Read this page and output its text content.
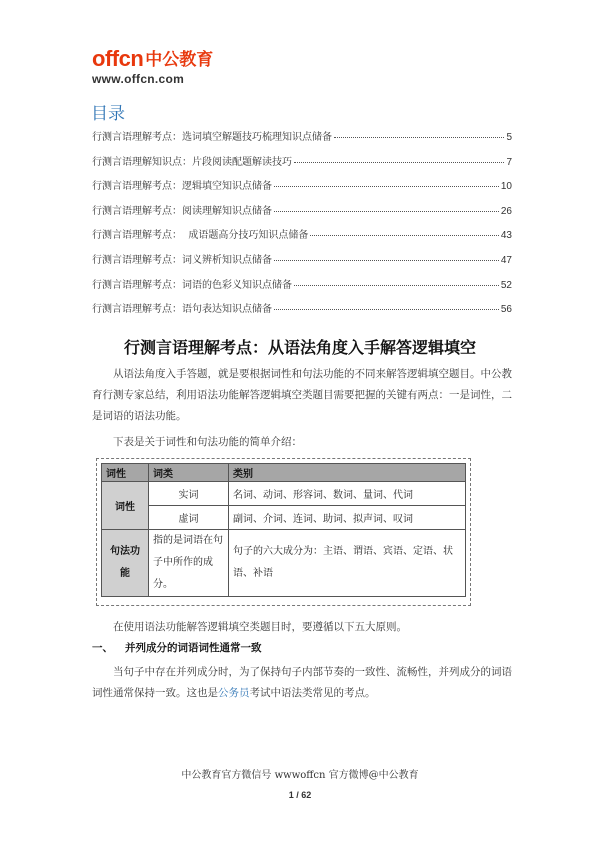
offcn 中公教育
www.offcn.com
目录
行测言语理解考点：选词填空解题技巧梳理知识点储备	5
行测言语理解知识点：片段阅读配题解读技巧	7
行测言语理解考点：逻辑填空知识点储备	10
行测言语理解考点：阅读理解知识点储备	26
行测言语理解考点：  成语题高分技巧知识点储备	43
行测言语理解考点：词义辨析知识点储备	47
行测言语理解考点：词语的色彩义知识点储备	52
行测言语理解考点：语句表达知识点储备	56
行测言语理解考点：从语法角度入手解答逻辑填空
从语法角度入手答题，就是要根据词性和句法功能的不同来解答逻辑填空题目。中公教育行测专家总结，利用语法功能解答逻辑填空类题目需要把握的关键有两点：一是词性，二是词语的语法功能。
下表是关于词性和句法功能的简单介绍：
词性	词类	类别
词性	实词	名词、动词、形容词、数词、量词、代词
	虚词	副词、介词、连词、助词、拟声词、叹词
句法功能	指的是词语在句子中所作的成分。	句子的六大成分为：主语、谓语、宾语、定语、状语、补语
在使用语法功能解答逻辑填空类题目时，要遵循以下五大原则。
一、 并列成分的词语词性通常一致
当句子中存在并列成分时，为了保持句子内部节奏的一致性、流畅性，并列成分的词语词性通常保持一致。这也是公务员考试中语法类常见的考点。
中公教育官方微信号 wwwoffcn 官方微博@中公教育
1 / 62
